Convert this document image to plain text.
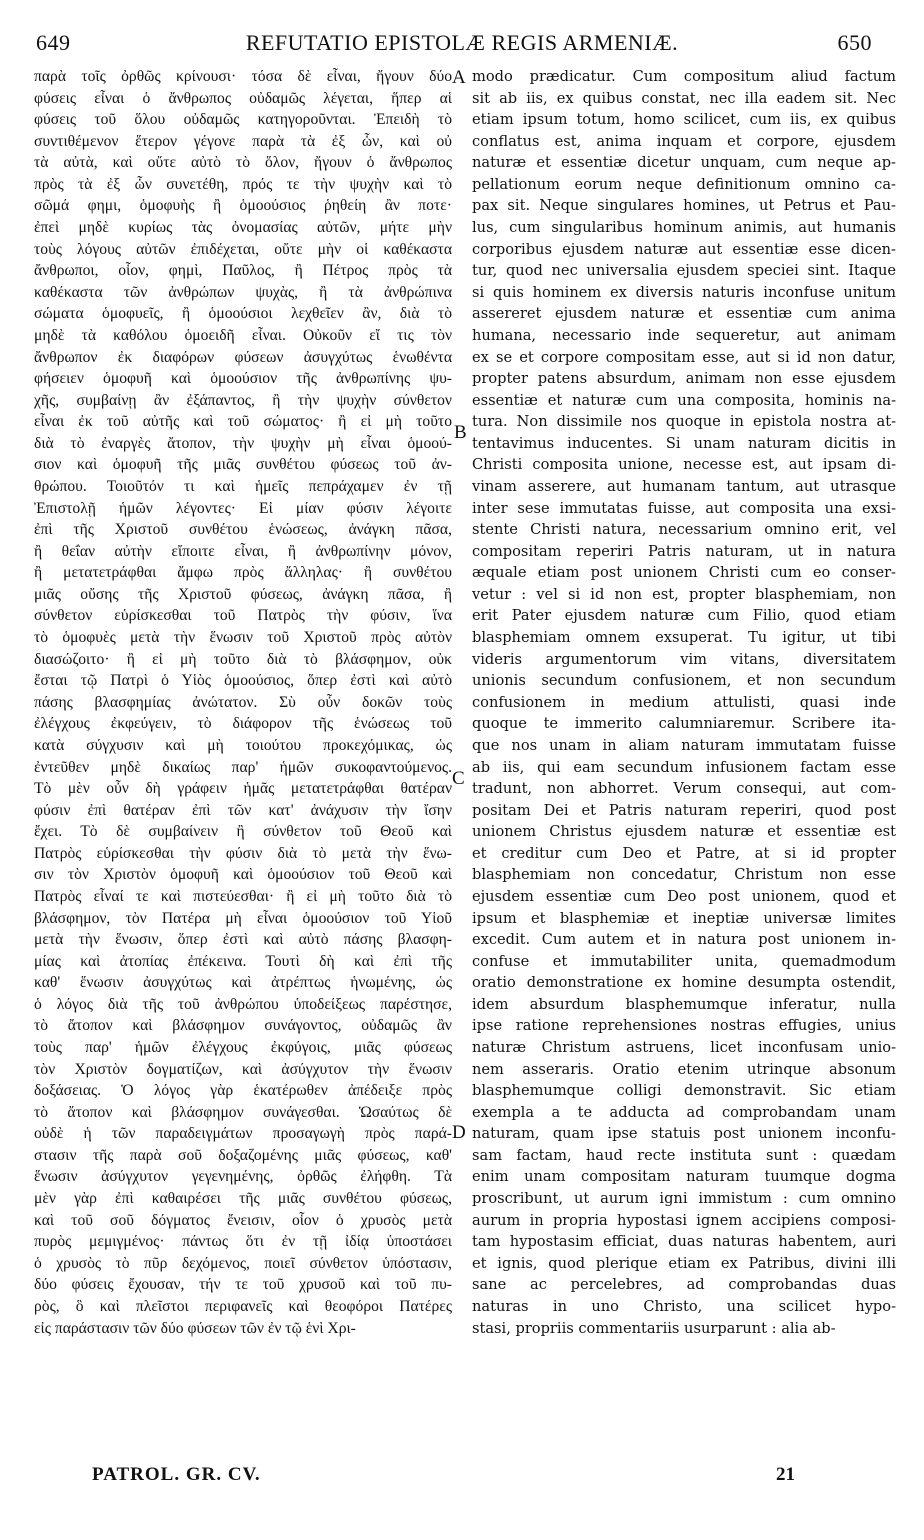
649	REFUTATIO EPISTOLÆ REGIS ARMENIÆ.	650
παρὰ τοῖς ὀρθῶς κρίνουσι· τόσα δὲ εἶναι, ἤγουν δύο
φύσεις εἶναι ὁ ἄνθρωπος οὐδαμῶς λέγεται, ἥπερ αἱ
φύσεις τοῦ ὅλου οὐδαμῶς κατηγοροῦνται. Ἐπειδὴ τὸ
συντιθέμενον ἕτερον γέγονε παρὰ τὰ ἐξ ὧν, καὶ οὐ
τὰ αὐτὰ, καὶ οὔτε αὐτὸ τὸ ὅλον, ἤγουν ὁ ἄνθρωπος
πρὸς τὰ ἐξ ὧν συνετέθη, πρός τε τὴν ψυχὴν καὶ τὸ
σῶμά φημι, ὁμοφυὴς ἢ ὁμοούσιος ῥηθείη ἂν ποτε·
ἐπεὶ μηδὲ κυρίως τὰς ὀνομασίας αὐτῶν, μήτε μὴν
τοὺς λόγους αὐτῶν ἐπιδέχεται, οὔτε μὴν οἱ καθέκαστα
ἄνθρωποι, οἷον, φημὶ, Παῦλος, ἢ Πέτρος πρὸς τὰ
καθέκαστα τῶν ἀνθρώπων ψυχὰς, ἢ τὰ ἀνθρώπινα
σώματα ὁμοφυεῖς, ἢ ὁμοούσιοι λεχθεῖεν ἂν, διὰ τὸ
μηδὲ τὰ καθόλου ὁμοειδῆ εἶναι. Οὐκοῦν εἴ τις τὸν
ἄνθρωπον ἐκ διαφόρων φύσεων ἀσυγχύτως ἑνωθέντα
φήσειεν ὁμοφυῆ καὶ ὁμοούσιον τῆς ἀνθρωπίνης ψυ-
χῆς, συμβαίνῃ ἂν ἐξάπαντος, ἢ τὴν ψυχὴν σύνθετον
εἶναι ἐκ τοῦ αὐτῆς καὶ τοῦ σώματος· ἢ εἰ μὴ τοῦτο
διὰ τὸ ἐναργὲς ἄτοπον, τὴν ψυχὴν μὴ εἶναι ὁμοού-
σιον καὶ ὁμοφυῆ τῆς μιᾶς συνθέτου φύσεως τοῦ ἀν-
θρώπου. Τοιοῦτόν τι καὶ ἡμεῖς πεπράχαμεν ἐν τῇ
Ἐπιστολῇ ἡμῶν λέγοντες· Εἰ μίαν φύσιν λέγοιτε
ἐπὶ τῆς Χριστοῦ συνθέτου ἑνώσεως, ἀνάγκη πᾶσα,
ἢ θεΐαν αὐτὴν εἴποιτε εἶναι, ἢ ἀνθρωπίνην μόνον,
ἢ μετατετράφθαι ἄμφω πρὸς ἄλληλας· ἢ συνθέτου
μιᾶς οὔσης τῆς Χριστοῦ φύσεως, ἀνάγκη πᾶσα, ἢ
σύνθετον εὑρίσκεσθαι τοῦ Πατρὸς τὴν φύσιν, ἵνα
τὸ ὁμοφυὲς μετὰ τὴν ἕνωσιν τοῦ Χριστοῦ πρὸς αὐτὸν
διασώζοιτο· ἢ εἰ μὴ τοῦτο διὰ τὸ βλάσφημον, οὐκ
ἔσται τῷ Πατρὶ ὁ Υἱὸς ὁμοούσιος, ὅπερ ἐστὶ καὶ αὐτὸ
πάσης βλασφημίας ἀνώτατον. Σὺ οὖν δοκῶν τοὺς
ἐλέγχους ἐκφεύγειν, τὸ διάφορον τῆς ἑνώσεως τοῦ
κατὰ σύγχυσιν καὶ μὴ τοιούτου προκεχόμικας, ὡς
ἐντεῦθεν μηδὲ δικαίως παρ' ἡμῶν συκοφαντούμενος.
Τὸ μὲν οὖν δὴ γράφειν ἡμᾶς μετατετράφθαι θατέραν
φύσιν ἐπὶ θατέραν ἐπὶ τῶν κατ' ἀνάχυσιν τὴν ἴσην
ἔχει. Τὸ δὲ συμβαίνειν ἢ σύνθετον τοῦ Θεοῦ καὶ
Πατρὸς εὑρίσκεσθαι τὴν φύσιν διὰ τὸ μετὰ τὴν ἕνω-
σιν τὸν Χριστὸν ὁμοφυῆ καὶ ὁμοούσιον τοῦ Θεοῦ καὶ
Πατρὸς εἶναί τε καὶ πιστεύεσθαι· ἢ εἰ μὴ τοῦτο διὰ τὸ
βλάσφημον, τὸν Πατέρα μὴ εἶναι ὁμοούσιον τοῦ Υἱοῦ
μετὰ τὴν ἕνωσιν, ὅπερ ἐστὶ καὶ αὐτὸ πάσης βλασφη-
μίας καὶ ἀτοπίας ἐπέκεινα. Τουτὶ δὴ καὶ ἐπὶ τῆς
καθ' ἕνωσιν ἀσυγχύτως καὶ ἀτρέπτως ἡνωμένης, ὡς
ὁ λόγος διὰ τῆς τοῦ ἀνθρώπου ὑποδείξεως παρέστησε,
τὸ ἄτοπον καὶ βλάσφημον συνάγοντος, οὐδαμῶς ἂν
τοὺς παρ' ἡμῶν ἐλέγχους ἐκφύγοις, μιᾶς φύσεως
τὸν Χριστὸν δογματίζων, καὶ ἀσύγχυτον τὴν ἕνωσιν
δοξάσειας. Ὁ λόγος γὰρ ἑκατέρωθεν ἀπέδειξε πρὸς
τὸ ἄτοπον καὶ βλάσφημον συνάγεσθαι. Ὡσαύτως δὲ
οὐδὲ ἡ τῶν παραδειγμάτων προσαγωγὴ πρὸς παρά-
στασιν τῆς παρὰ σοῦ δοξαζομένης μιᾶς φύσεως, καθ'
ἕνωσιν ἀσύγχυτον γεγενημένης, ὀρθῶς ἐλήφθη. Τὰ
μὲν γὰρ ἐπὶ καθαιρέσει τῆς μιᾶς συνθέτου φύσεως,
καὶ τοῦ σοῦ δόγματος ἔνεισιν, οἷον ὁ χρυσὸς μετὰ
πυρὸς μεμιγμένος· πάντως ὅτι ἐν τῇ ἰδίᾳ ὑποστάσει
ὁ χρυσὸς τὸ πῦρ δεχόμενος, ποιεῖ σύνθετον ὑπόστασιν,
δύο φύσεις ἔχουσαν, τήν τε τοῦ χρυσοῦ καὶ τοῦ πυ-
ρὸς, ὃ καὶ πλεῖστοι περιφανεῖς καὶ θεοφόροι Πατέρες
εἰς παράστασιν τῶν δύο φύσεων τῶν ἐν τῷ ἑνὶ Χρι-
modo prædicatur. Cum compositum aliud factum
sit ab iis, ex quibus constat, nec illa eadem sit. Nec
etiam ipsum totum, homo scilicet, cum iis, ex quibus
conflatus est, anima inquam et corpore, ejusdem
naturæ et essentiæ dicetur unquam, cum neque ap-
pellationum eorum neque definitionum omnino ca-
pax sit. Neque singulares homines, ut Petrus et Pau-
lus, cum singularibus hominum animis, aut humanis
corporibus ejusdem naturæ aut essentiæ esse dicen-
tur, quod nec universalia ejusdem speciei sint. Itaque
si quis hominem ex diversis naturis inconfuse unitum
assereret ejusdem naturæ et essentiæ cum anima
humana, necessario inde sequeretur, aut animam
ex se et corpore compositam esse, aut si id non datur,
propter patens absurdum, animam non esse ejusdem
essentiæ et naturæ cum una composita, hominis na-
tura. Non dissimile nos quoque in epistola nostra at-
tentavimus inducentes. Si unam naturam dicitis in
Christi composita unione, necesse est, aut ipsam di-
vinam asserere, aut humanam tantum, aut utrasque
inter sese immutatas fuisse, aut composita una exsi-
stente Christi natura, necessarium omnino erit, vel
compositam reperiri Patris naturam, ut in natura
æquale etiam post unionem Christi cum eo conser-
vetur : vel si id non est, propter blasphemiam, non
erit Pater ejusdem naturæ cum Filio, quod etiam
blasphemiam omnem exsuperat. Tu igitur, ut tibi
videris argumentorum vim vitans, diversitatem
unionis secundum confusionem, et non secundum
confusionem in medium attulisti, quasi inde
quoque te immerito calumniaremur. Scribere ita-
que nos unam in aliam naturam immutatam fuisse
ab iis, qui eam secundum infusionem factam esse
tradunt, non abhorret. Verum consequi, aut com-
positam Dei et Patris naturam reperiri, quod post
unionem Christus ejusdem naturæ et essentiæ est
et creditur cum Deo et Patre, at si id propter
blasphemiam non concedatur, Christum non esse
ejusdem essentiæ cum Deo post unionem, quod et
ipsum et blasphemiæ et ineptiæ universæ limites
excedit. Cum autem et in natura post unionem in-
confuse et immutabiliter unita, quemadmodum
oratio demonstratione ex homine desumpta ostendit,
idem absurdum blasphemumque inferatur, nulla
ipse ratione reprehensiones nostras effugies, unius
naturæ Christum astruens, licet inconfusam unio-
nem asseraris. Oratio etenim utrinque absonum
blasphemumque colligi demonstravit. Sic etiam
exempla a te adducta ad comprobandam unam
naturam, quam ipse statuis post unionem inconfu-
sam factam, haud recte instituta sunt : quædam
enim unam compositam naturam tuumque dogma
proscribunt, ut aurum igni immistum : cum omnino
aurum in propria hypostasi ignem accipiens composi-
tam hypostasim efficiat, duas naturas habentem, auri
et ignis, quod plerique etiam ex Patribus, divini illi
sane ac percelebres, ad comprobandas duas
naturas in uno Christo, una scilicet hypo-
stasi, propriis commentariis usurparunt : alia ab-
A
B
C
D
PATROL. GR. CV.	21
